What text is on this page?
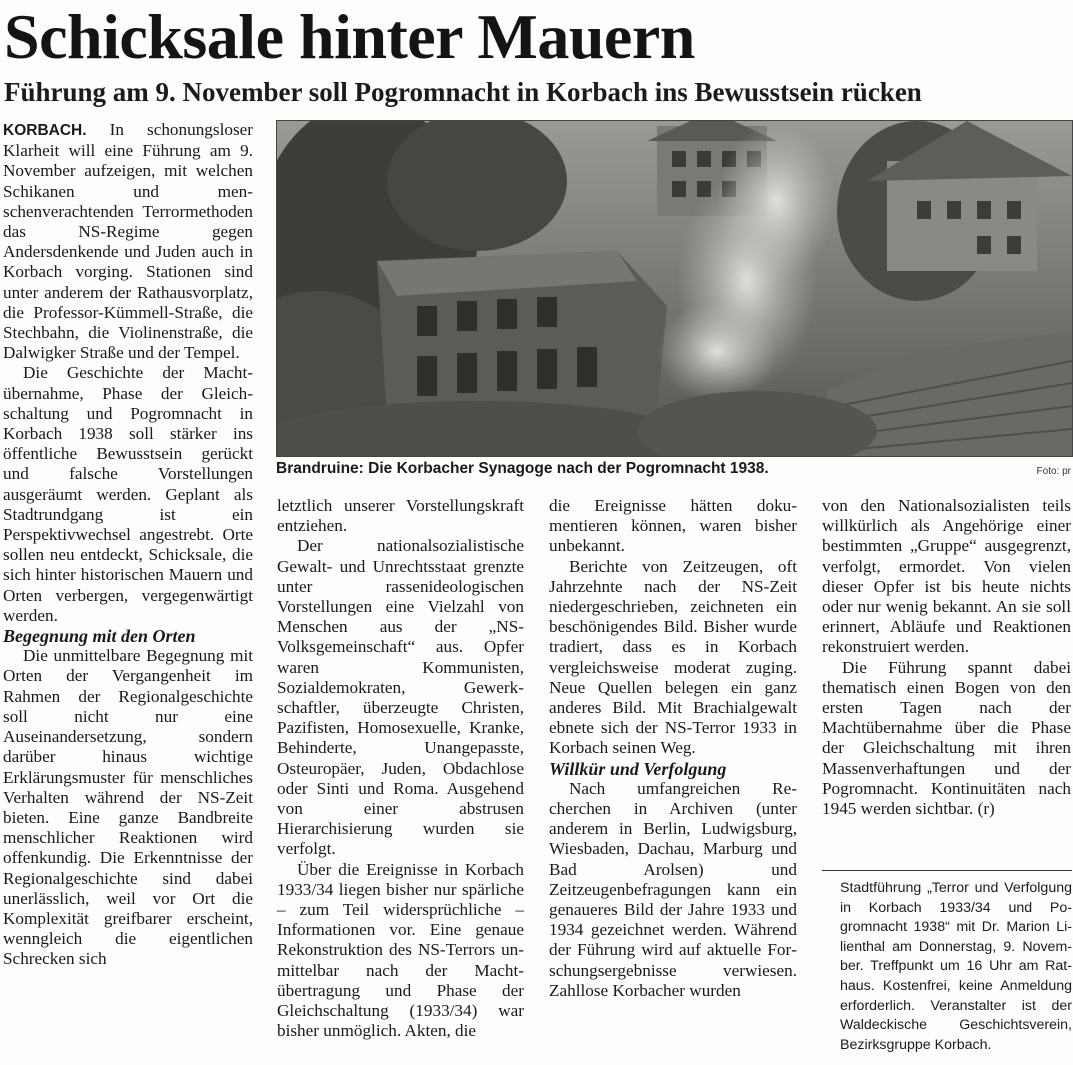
Schicksale hinter Mauern
Führung am 9. November soll Pogromnacht in Korbach ins Bewusstsein rücken

KORBACH. In schonungsloser Klarheit will eine Führung am 9. November aufzeigen, mit welchen Schikanen und menschenverachtenden Terrormethoden das NS-Regime gegen Andersdenkende und Juden auch in Korbach vorging. Stationen sind unter anderem der Rathausvorplatz, die Professor-Kümmell-Straße, die Stechbahn, die Violinenstraße, die Dalwigker Straße und der Tempel.

Die Geschichte der Machtübernahme, Phase der Gleichschaltung und Pogromnacht in Korbach 1938 soll stärker ins öffentliche Bewusstsein gerückt und falsche Vorstellungen ausgeräumt werden. Geplant als Stadtrundgang ist ein Perspektivwechsel angestrebt. Orte sollen neu entdeckt, Schicksale, die sich hinter historischen Mauern und Orten verbergen, vergegenwärtigt werden.

Begegnung mit den Orten

Die unmittelbare Begegnung mit Orten der Vergangenheit im Rahmen der Regionalgeschichte soll nicht nur eine Auseinandersetzung, sondern darüber hinaus wichtige Erklärungsmuster für menschliches Verhalten während der NS-Zeit bieten. Eine ganze Bandbreite menschlicher Reaktionen wird offenkundig. Die Erkenntnisse der Regionalgeschichte sind dabei unerlässlich, weil vor Ort die Komplexität greifbarer erscheint, wenngleich die eigentlichen Schrecken sich

Brandruine: Die Korbacher Synagoge nach der Pogromnacht 1938.	Foto: pr

letztlich unserer Vorstellungskraft entziehen.

Der nationalsozialistische Gewalt- und Unrechtsstaat grenzte unter rassenideologischen Vorstellungen eine Vielzahl von Menschen aus der „NS-Volksgemeinschaft“ aus. Opfer waren Kommunisten, Sozialdemokraten, Gewerkschaftler, überzeugte Christen, Pazifisten, Homosexuelle, Kranke, Behinderte, Unangepasste, Osteuropäer, Juden, Obdachlose oder Sinti und Roma. Ausgehend von einer abstrusen Hierarchisierung wurden sie verfolgt.

Über die Ereignisse in Korbach 1933/34 liegen bisher nur spärliche – zum Teil widersprüchliche – Informationen vor. Eine genaue Rekonstruktion des NS-Terrors unmittelbar nach der Machtübertragung und Phase der Gleichschaltung (1933/34) war bisher unmöglich. Akten, die

die Ereignisse hätten dokumentieren können, waren bisher unbekannt.

Berichte von Zeitzeugen, oft Jahrzehnte nach der NS-Zeit niedergeschrieben, zeichneten ein beschönigendes Bild. Bisher wurde tradiert, dass es in Korbach vergleichsweise moderat zuging. Neue Quellen belegen ein ganz anderes Bild. Mit Brachialgewalt ebnete sich der NS-Terror 1933 in Korbach seinen Weg.

Willkür und Verfolgung

Nach umfangreichen Recherchen in Archiven (unter anderem in Berlin, Ludwigsburg, Wiesbaden, Dachau, Marburg und Bad Arolsen) und Zeitzeugenbefragungen kann ein genaueres Bild der Jahre 1933 und 1934 gezeichnet werden. Während der Führung wird auf aktuelle Forschungsergebnisse verwiesen. Zahllose Korbacher wurden

von den Nationalsozialisten teils willkürlich als Angehörige einer bestimmten „Gruppe“ ausgegrenzt, verfolgt, ermordet. Von vielen dieser Opfer ist bis heute nichts oder nur wenig bekannt. An sie soll erinnert, Abläufe und Reaktionen rekonstruiert werden.

Die Führung spannt dabei thematisch einen Bogen von den ersten Tagen nach der Machtübernahme über die Phase der Gleichschaltung mit ihren Massenverhaftungen und der Pogromnacht. Kontinuitäten nach 1945 werden sichtbar. (r)

Stadtführung „Terror und Verfolgung in Korbach 1933/34 und Pogromnacht 1938“ mit Dr. Marion Lilienthal am Donnerstag, 9. November. Treffpunkt um 16 Uhr am Rathaus. Kostenfrei, keine Anmeldung erforderlich. Veranstalter ist der Waldeckische Geschichtsverein, Bezirksgruppe Korbach.
